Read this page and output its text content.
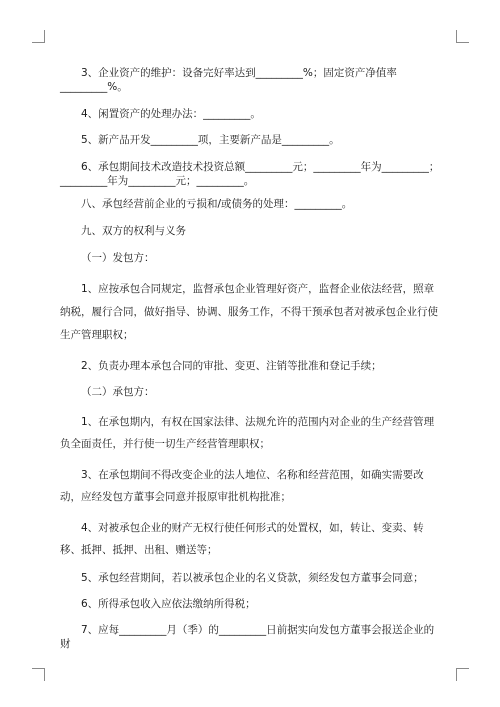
3、企业资产的维护：设备完好率达到_________%；固定资产净值率_________%。

4、闲置资产的处理办法：_________。

5、新产品开发_________项，主要新产品是_________。

6、承包期间技术改造技术投资总额_________元；_________年为_________；_________年为_________元；_________。

八、承包经营前企业的亏损和/或债务的处理：_________。

九、双方的权利与义务

（一）发包方：

1、应按承包合同规定，监督承包企业管理好资产，监督企业依法经营，照章纳税，履行合同，做好指导、协调、服务工作，不得干预承包者对被承包企业行使生产管理职权；

2、负责办理本承包合同的审批、变更、注销等批准和登记手续；

（二）承包方：

1、在承包期内，有权在国家法律、法规允许的范围内对企业的生产经营管理负全面责任，并行使一切生产经营管理职权；

3、在承包期间不得改变企业的法人地位、名称和经营范围，如确实需要改动，应经发包方董事会同意并报原审批机构批准；

4、对被承包企业的财产无权行使任何形式的处置权，如，转让、变卖、转移、抵押、抵押、出租、赠送等；

5、承包经营期间，若以被承包企业的名义贷款，须经发包方董事会同意；

6、所得承包收入应依法缴纳所得税；

7、应每_________月（季）的_________日前据实向发包方董事会报送企业的财
